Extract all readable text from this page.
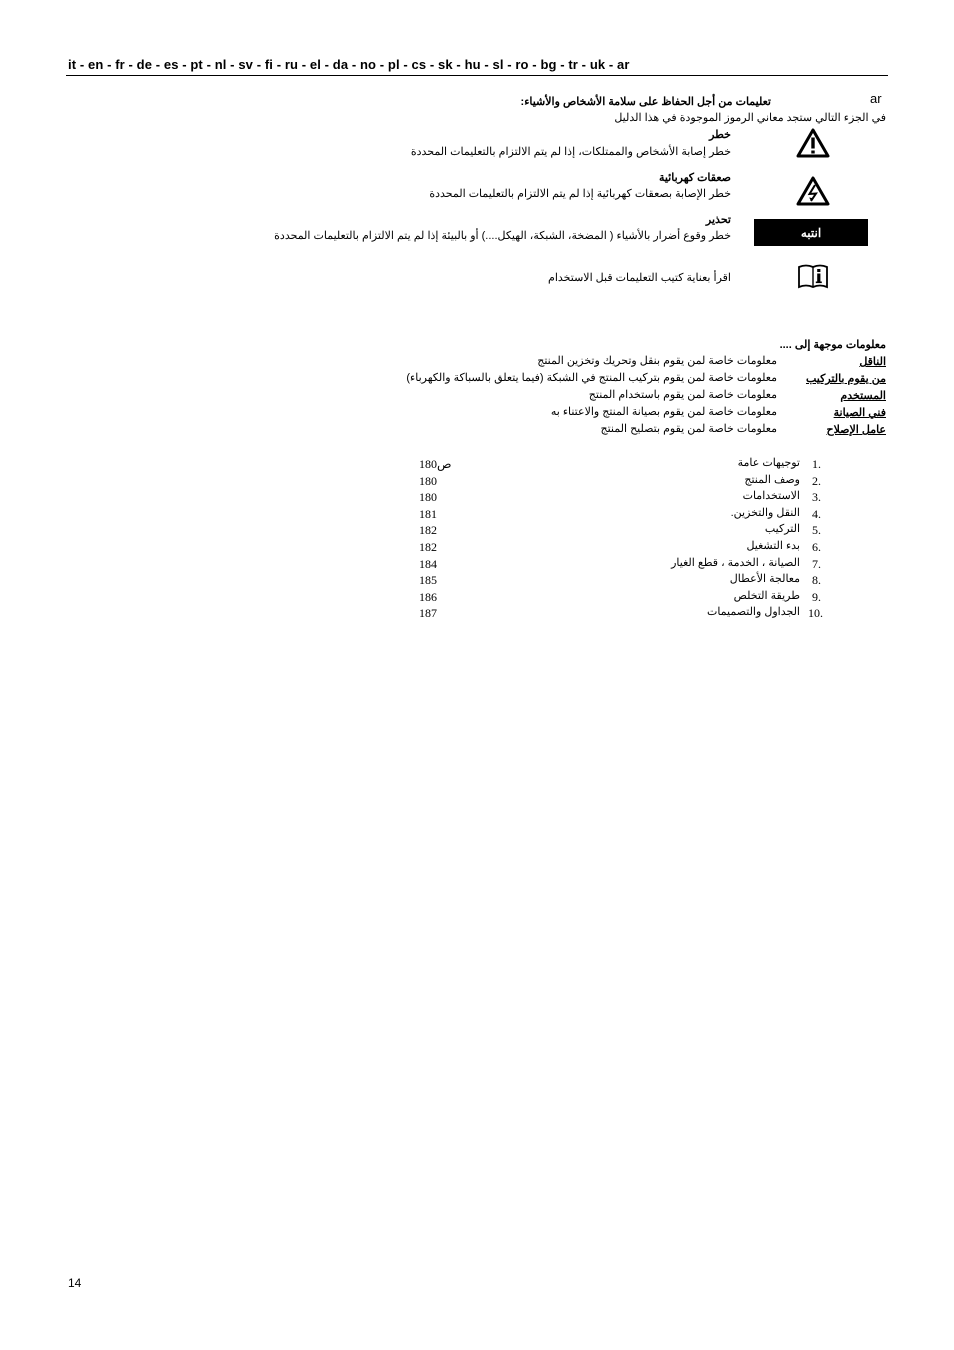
it - en - fr - de - es - pt - nl - sv - fi - ru - el - da - no - pl - cs - sk - hu - sl - ro - bg - tr - uk - ar
ar
تعليمات من أجل الحفاظ على سلامة الأشخاص والأشياء:
في الجزء التالي ستجد معاني الرموز الموجودة في هذا الدليل
خطر
خطر إصابة الأشخاص والممتلكات، إذا لم يتم الالتزام بالتعليمات المحددة
صعقات كهربائية
خطر الإصابة بصعقات كهربائية إذا لم يتم الالتزام بالتعليمات المحددة
انتبه
تحذير
خطر وقوع أضرار بالأشياء ( المضخة، الشبكة، الهيكل....) أو بالبيئة إذا لم يتم الالتزام بالتعليمات المحددة
اقرأ بعناية كتيب التعليمات قبل الاستخدام
معلومات موجهة إلى ....
الناقل
معلومات خاصة لمن يقوم بنقل وتحريك وتخزين المنتج
من يقوم بالتركيب
معلومات خاصة لمن يقوم بتركيب المنتج في الشبكة (فيما يتعلق بالسباكة والكهرباء)
المستخدم
معلومات خاصة لمن يقوم باستخدام المنتج
فني الصيانة
معلومات خاصة لمن يقوم بصيانة المنتج والاعتناء به
عامل الإصلاح
معلومات خاصة لمن يقوم بتصليح المنتج
1.
توجيهات عامة
ص180
2.
وصف المنتج
180
3.
الاستخدامات
180
4.
النقل والتخزين.
181
5.
التركيب
182
6.
بدء التشغيل
182
7.
الصيانة ، الخدمة ، قطع الغيار
184
8.
معالجة الأعطال
185
9.
طريقة التخلص
186
10.
الجداول والتصميمات
187
14
